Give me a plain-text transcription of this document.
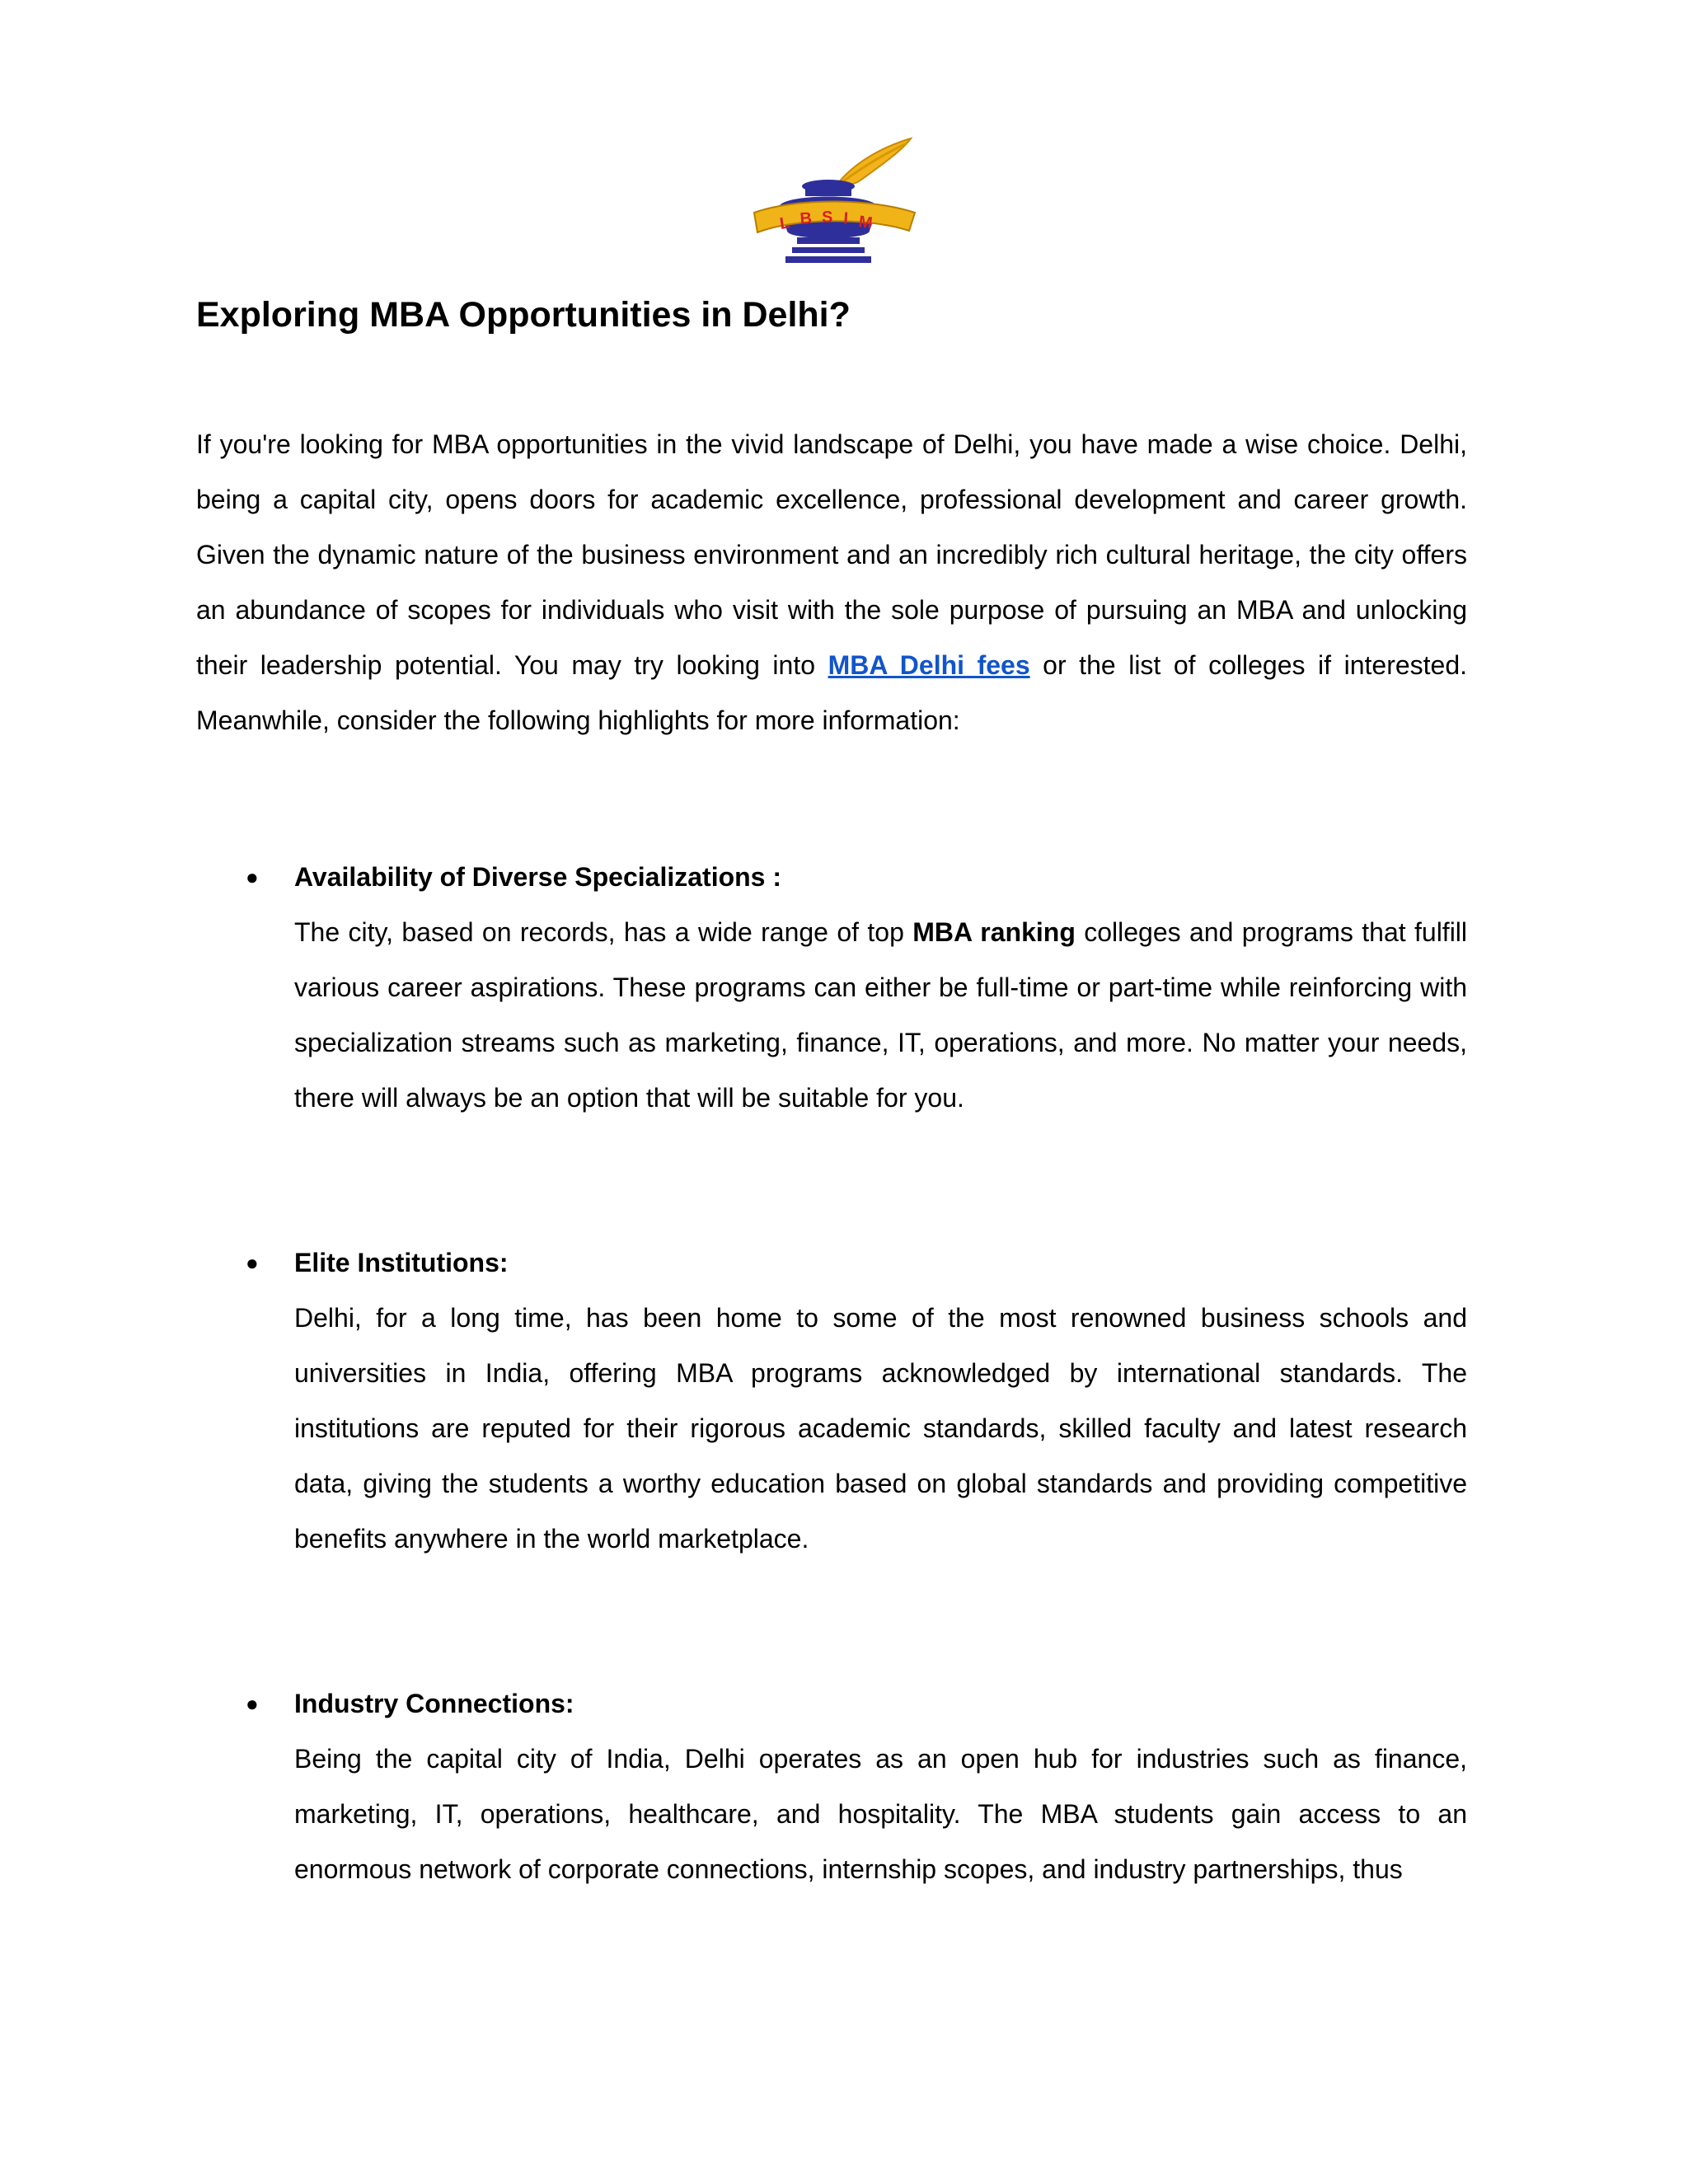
L B S I M
Exploring MBA Opportunities in Delhi?

If you're looking for MBA opportunities in the vivid landscape of Delhi, you have made a wise choice. Delhi, being a capital city, opens doors for academic excellence, professional development and career growth. Given the dynamic nature of the business environment and an incredibly rich cultural heritage, the city offers an abundance of scopes for individuals who visit with the sole purpose of pursuing an MBA and unlocking their leadership potential. You may try looking into MBA Delhi fees or the list of colleges if interested. Meanwhile, consider the following highlights for more information:

● Availability of Diverse Specializations :

The city, based on records, has a wide range of top MBA ranking colleges and programs that fulfill various career aspirations. These programs can either be full-time or part-time while reinforcing with specialization streams such as marketing, finance, IT, operations, and more. No matter your needs, there will always be an option that will be suitable for you.

● Elite Institutions:

Delhi, for a long time, has been home to some of the most renowned business schools and universities in India, offering MBA programs acknowledged by international standards. The institutions are reputed for their rigorous academic standards, skilled faculty and latest research data, giving the students a worthy education based on global standards and providing competitive benefits anywhere in the world marketplace.

● Industry Connections:

Being the capital city of India, Delhi operates as an open hub for industries such as finance, marketing, IT, operations, healthcare, and hospitality. The MBA students gain access to an enormous network of corporate connections, internship scopes, and industry partnerships, thus
